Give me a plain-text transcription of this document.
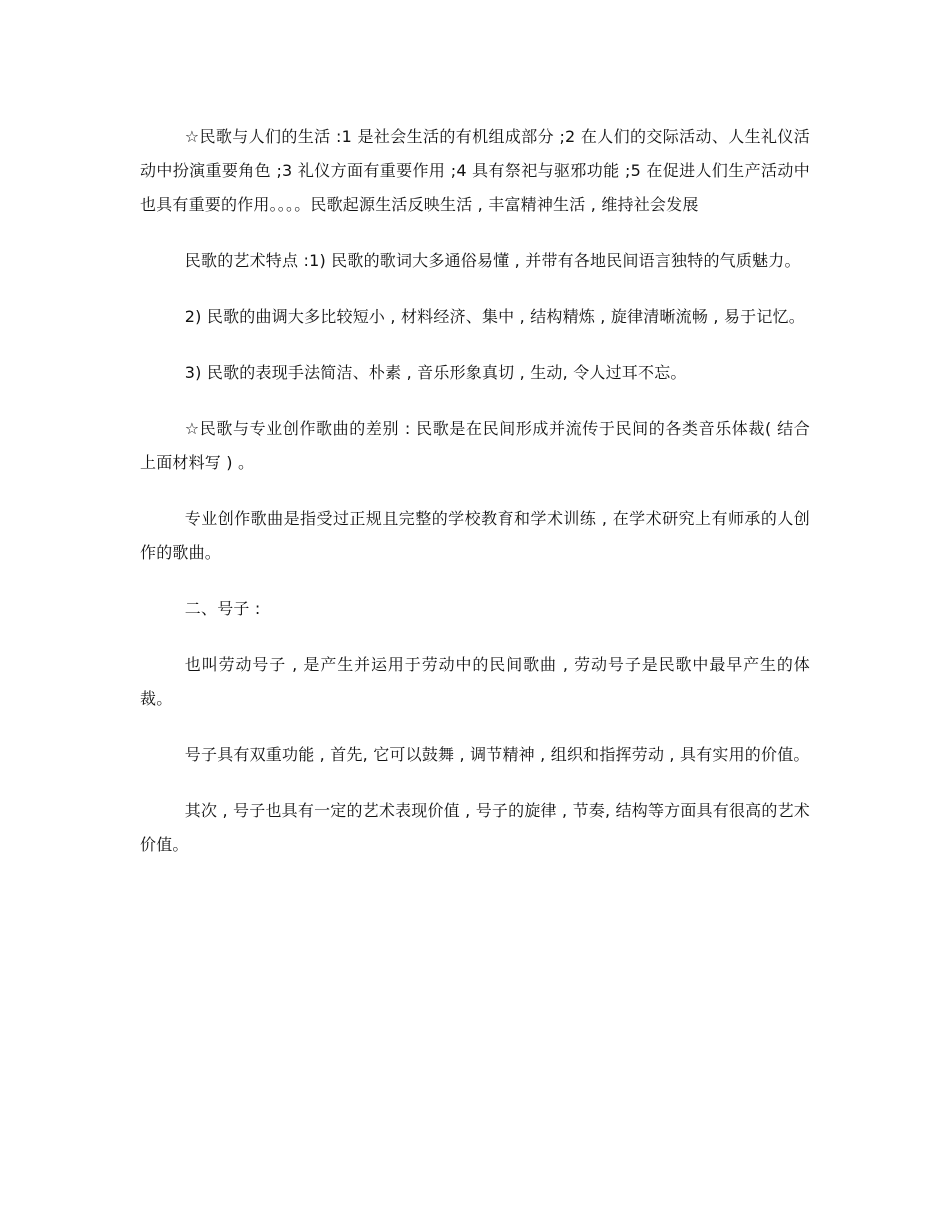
☆民歌与人们的生活 :1 是社会生活的有机组成部分 ;2 在人们的交际活动、人生礼仪活动中扮演重要角色 ;3 礼仪方面有重要作用 ;4 具有祭祀与驱邪功能 ;5 在促进人们生产活动中也具有重要的作用。。。。民歌起源生活反映生活 , 丰富精神生活 , 维持社会发展

民歌的艺术特点 :1) 民歌的歌词大多通俗易懂 , 并带有各地民间语言独特的气质魅力。

2) 民歌的曲调大多比较短小 , 材料经济、集中 , 结构精炼 , 旋律清晰流畅 , 易于记忆。

3) 民歌的表现手法简洁、朴素 , 音乐形象真切 , 生动, 令人过耳不忘。

☆民歌与专业创作歌曲的差别 : 民歌是在民间形成并流传于民间的各类音乐体裁( 结合上面材料写 ) 。

专业创作歌曲是指受过正规且完整的学校教育和学术训练 , 在学术研究上有师承的人创作的歌曲。

二、号子 :

也叫劳动号子 , 是产生并运用于劳动中的民间歌曲 , 劳动号子是民歌中最早产生的体裁。

号子具有双重功能 , 首先, 它可以鼓舞 , 调节精神 , 组织和指挥劳动 , 具有实用的价值。

其次 , 号子也具有一定的艺术表现价值 , 号子的旋律 , 节奏, 结构等方面具有很高的艺术价值。
